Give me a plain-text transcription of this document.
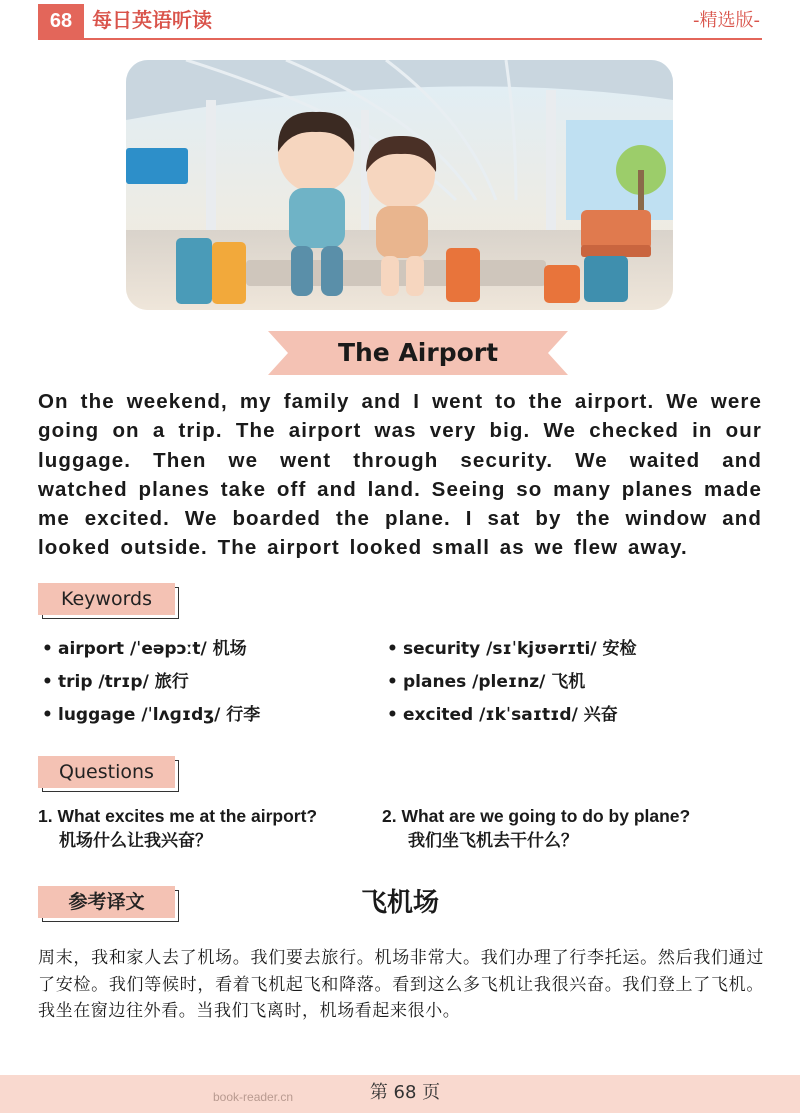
68 每日英语听读	-精选版-
The Airport
On the weekend, my family and I went to the airport. We were going on a trip. The airport was very big. We checked in our luggage. Then we went through security. We waited and watched planes take off and land. Seeing so many planes made me excited. We boarded the plane. I sat by the window and looked outside. The airport looked small as we flew away.
Keywords
• airport /ˈeəpɔːt/ 机场
• trip /trɪp/ 旅行
• luggage /ˈlʌɡɪdʒ/ 行李
• security /sɪˈkjʊərɪti/ 安检
• planes /pleɪnz/ 飞机
• excited /ɪkˈsaɪtɪd/ 兴奋
Questions
1. What excites me at the airport?
机场什么让我兴奋？
2. What are we going to do by plane?
我们坐飞机去干什么？
参考译文	飞机场
周末，我和家人去了机场。我们要去旅行。机场非常大。我们办理了行李托运。然后我们通过了安检。我们等候时，看着飞机起飞和降落。看到这么多飞机让我很兴奋。我们登上了飞机。我坐在窗边往外看。当我们飞离时，机场看起来很小。
book-reader.cn	第 68 页
